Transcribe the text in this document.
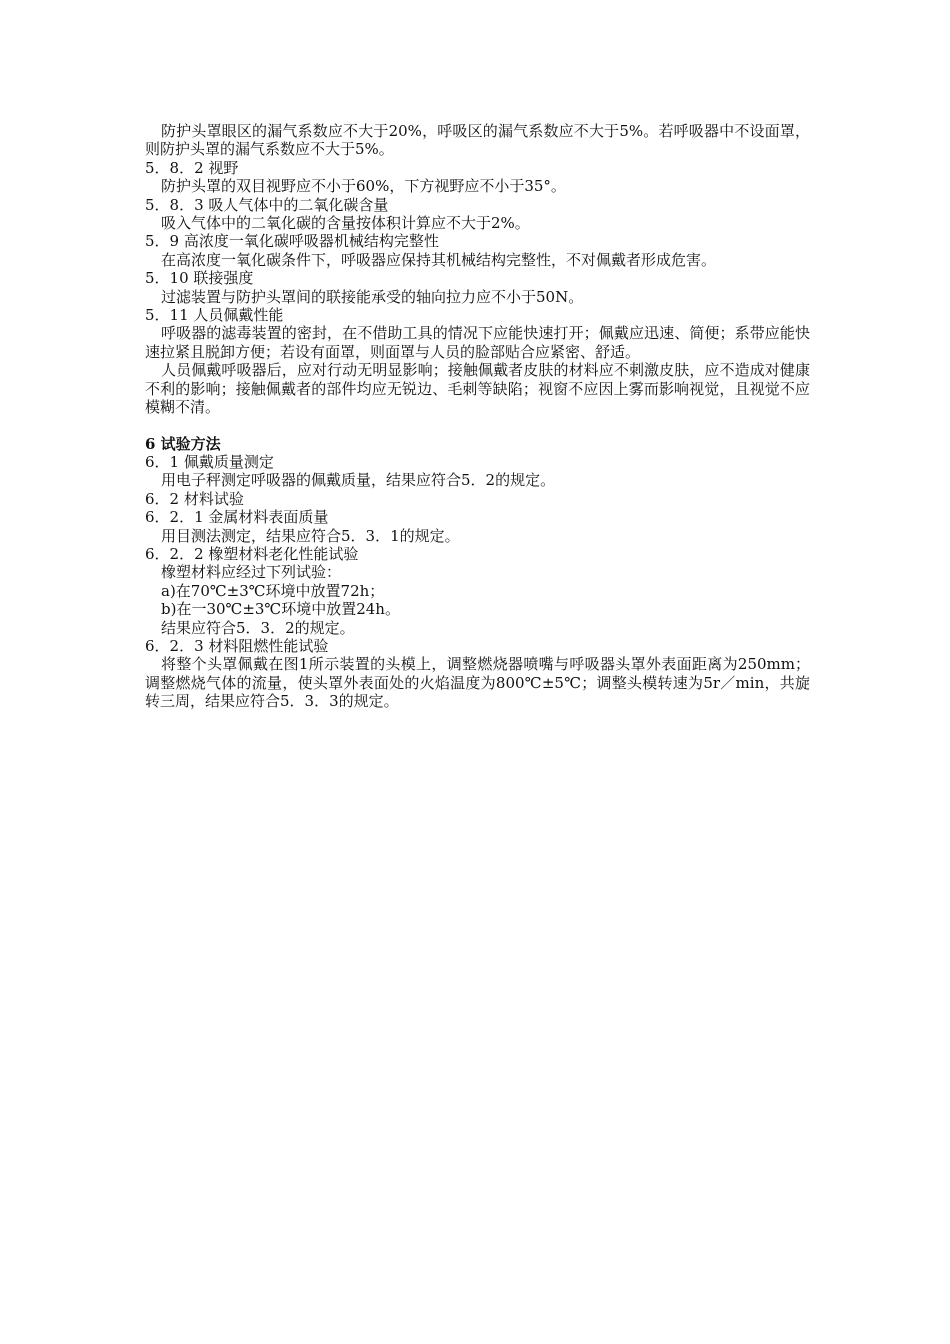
防护头罩眼区的漏气系数应不大于20%，呼吸区的漏气系数应不大于5%。若呼吸器中不设面罩，则防护头罩的漏气系数应不大于5%。

5．8．2 视野

防护头罩的双目视野应不小于60%，下方视野应不小于35°。

5．8．3 吸人气体中的二氧化碳含量

吸入气体中的二氧化碳的含量按体积计算应不大于2%。

5．9 高浓度一氧化碳呼吸器机械结构完整性

在高浓度一氧化碳条件下，呼吸器应保持其机械结构完整性，不对佩戴者形成危害。

5．10 联接强度

过滤装置与防护头罩间的联接能承受的轴向拉力应不小于50N。

5．11 人员佩戴性能

呼吸器的滤毒装置的密封，在不借助工具的情况下应能快速打开；佩戴应迅速、简便；系带应能快速拉紧且脱卸方便；若设有面罩，则面罩与人员的脸部贴合应紧密、舒适。

人员佩戴呼吸器后，应对行动无明显影响；接触佩戴者皮肤的材料应不刺激皮肤，应不造成对健康不利的影响；接触佩戴者的部件均应无锐边、毛刺等缺陷；视窗不应因上雾而影响视觉，且视觉不应模糊不清。

6 试验方法

6．1 佩戴质量测定

用电子秤测定呼吸器的佩戴质量，结果应符合5．2的规定。

6．2 材料试验

6．2．1 金属材料表面质量

用目测法测定，结果应符合5．3．1的规定。

6．2．2 橡塑材料老化性能试验

橡塑材料应经过下列试验：

a)在70℃±3℃环境中放置72h；

b)在一30℃±3℃环境中放置24h。

结果应符合5．3．2的规定。

6．2．3 材料阻燃性能试验

将整个头罩佩戴在图1所示装置的头模上，调整燃烧器喷嘴与呼吸器头罩外表面距离为250mm；调整燃烧气体的流量，使头罩外表面处的火焰温度为800℃±5℃；调整头模转速为5r／min，共旋转三周，结果应符合5．3．3的规定。
